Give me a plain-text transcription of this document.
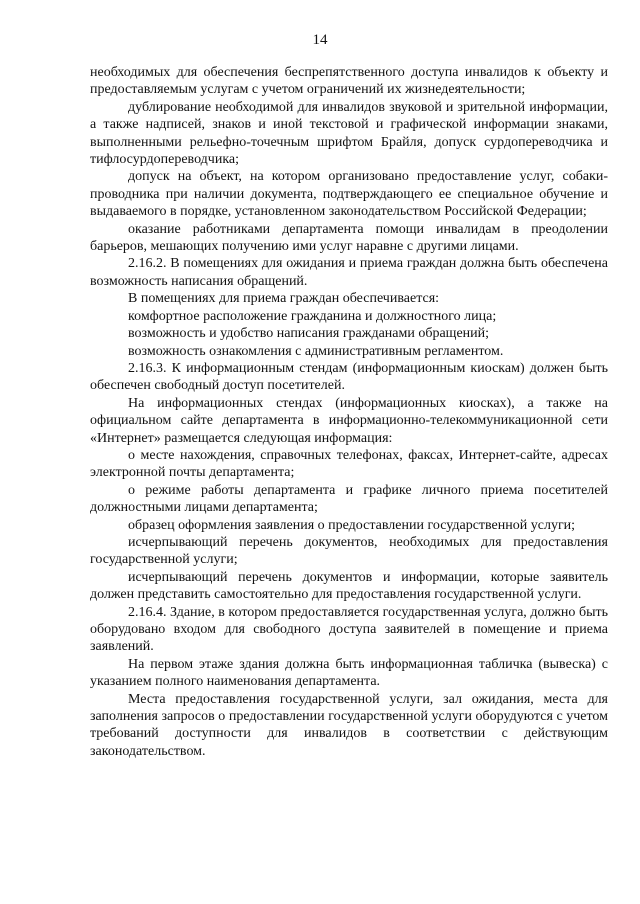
14

необходимых для обеспечения беспрепятственного доступа инвалидов к объекту и предоставляемым услугам с учетом ограничений их жизнедеятельности;

дублирование необходимой для инвалидов звуковой и зрительной информации, а также надписей, знаков и иной текстовой и графической информации знаками, выполненными рельефно-точечным шрифтом Брайля, допуск сурдопереводчика и тифлосурдопереводчика;

допуск на объект, на котором организовано предоставление услуг, собаки-проводника при наличии документа, подтверждающего ее специальное обучение и выдаваемого в порядке, установленном законодательством Российской Федерации;

оказание работниками департамента помощи инвалидам в преодолении барьеров, мешающих получению ими услуг наравне с другими лицами.

2.16.2. В помещениях для ожидания и приема граждан должна быть обеспечена возможность написания обращений.

В помещениях для приема граждан обеспечивается:

комфортное расположение гражданина и должностного лица;

возможность и удобство написания гражданами обращений;

возможность ознакомления с административным регламентом.

2.16.3. К информационным стендам (информационным киоскам) должен быть обеспечен свободный доступ посетителей.

На информационных стендах (информационных киосках), а также на официальном сайте департамента в информационно-телекоммуникационной сети «Интернет» размещается следующая информация:

о месте нахождения, справочных телефонах, факсах, Интернет-сайте, адресах электронной почты департамента;

о режиме работы департамента и графике личного приема посетителей должностными лицами департамента;

образец оформления заявления о предоставлении государственной услуги;

исчерпывающий перечень документов, необходимых для предоставления государственной услуги;

исчерпывающий перечень документов и информации, которые заявитель должен представить самостоятельно для предоставления государственной услуги.

2.16.4. Здание, в котором предоставляется государственная услуга, должно быть оборудовано входом для свободного доступа заявителей в помещение и приема заявлений.

На первом этаже здания должна быть информационная табличка (вывеска) с указанием полного наименования департамента.

Места предоставления государственной услуги, зал ожидания, места для заполнения запросов о предоставлении государственной услуги оборудуются с учетом требований доступности для инвалидов в соответствии с действующим законодательством.
